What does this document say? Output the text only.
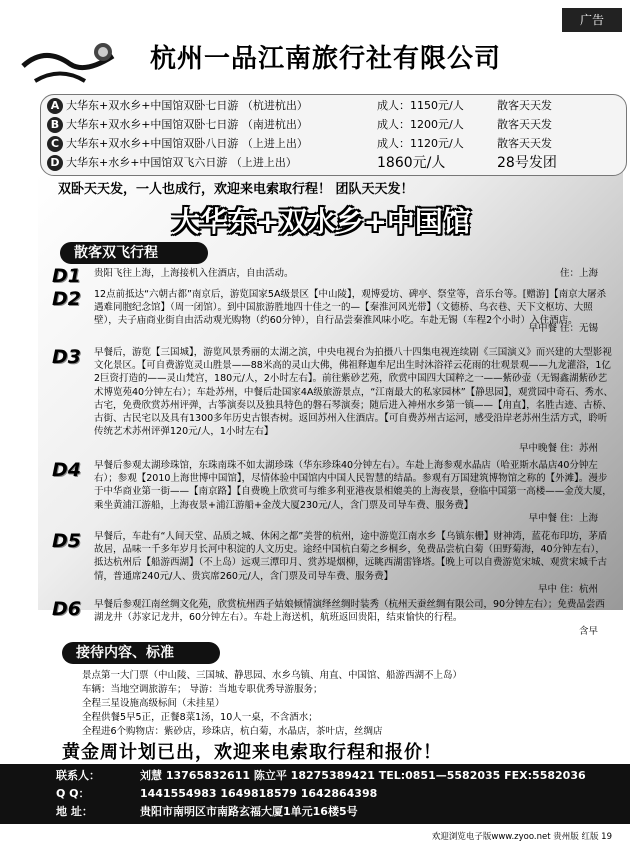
广告
杭州一品江南旅行社有限公司
A 大华东+双水乡+中国馆双卧七日游 （杭进杭出）	成人：1150元/人	散客天天发
B 大华东+双水乡+中国馆双卧七日游 （南进杭出）	成人：1200元/人	散客天天发
C 大华东+双水乡+中国馆双卧八日游 （上进上出）	成人：1120元/人	散客天天发
D 大华东+水乡+中国馆双飞六日游 （上进上出）	1860元/人	28号发团
双卧天天发，一人也成行，欢迎来电索取行程！ 团队天天发！
大华东+双水乡+中国馆
散客双飞行程
D1 贵阳飞往上海，上海接机入住酒店，自由活动。	住：上海
D2 12点前抵达“六朝古都”南京后，游览国家5A级景区【中山陵】，观博爱坊、碑亭、祭堂等，音乐台等。[赠游]【南京大屠杀遇难同胞纪念馆】（周一闭馆）。到中国旅游胜地四十佳之一的—【秦淮河风光带】（文德桥、乌衣巷、天下文枢坊、大照壁），夫子庙商业街自由活动观光购物（约60分钟），自行品尝秦淮风味小吃。车赴无锡（车程2个小时）入住酒店。
早中餐 住：无锡
D3 早餐后，游览【三国城】，游览风景秀丽的太湖之滨，中央电视台为拍摄八十四集电视连续剧《三国演义》而兴建的大型影视文化景区。【可自费游览灵山胜景——88米高的灵山大佛，佛祖释迦牟尼出生时沐浴祥云花雨的壮观景观——九龙灌浴，1亿2巨资打造的——灵山梵宫，180元/人，2小时左右】。前往紫砂艺苑，欣赏中国四大国粹之一——紫砂壶（无锡鑫湖紫砂艺术博览苑40分钟左右）；车赴苏州，中餐后赴国家4A级旅游景点，“江南最大的私家园林”【静思园】，观赏园中奇石、秀水、古宅，免费欣赏苏州评弹，古筝演奏以及独具特色的磐石琴演奏；随后进入神州水乡第一镇——【甪直】，名胜古迹、古桥、古街、古民宅以及具有1300多年历史古银杏树。返回苏州入住酒店。【可自费苏州古运河，感受沿岸老苏州生活方式，聆听传统艺术苏州评弹120元/人，1小时左右】
早中晚餐 住：苏州
D4 早餐后参观太湖珍珠馆，东珠南珠不如太湖珍珠（华东珍珠40分钟左右）。车赴上海参观水晶店（哈亚斯水晶店40分钟左右）；参观【2010上海世博中国馆】，尽情体验中国馆内中国人民智慧的结晶。参观有万国建筑博物馆之称的【外滩】。漫步于中华商业第一街——【南京路】【自费晚上欣赏可与维多利亚港夜景相媲美的上海夜景，登临中国第一高楼——金茂大厦，乘坐黄浦江游船，上海夜景+浦江游船+金茂大厦230元/人，含门票及司导车费、服务费】
早中餐 住：上海
D5 早餐后，车赴有“人间天堂、品质之城、休闲之都”美誉的杭州，途中游览江南水乡【乌镇东栅】财神湾，蓝花布印坊，茅盾故居，品味一千多年岁月长河中积淀的人文历史。途经中国杭白菊之乡桐乡，免费品尝杭白菊（田野菊海，40分钟左右），抵达杭州后【船游西湖】（不上岛）远观三潭印月、赏苏堤烟柳，远眺西湖雷锋塔。【晚上可以自费游览宋城、观赏宋城千古情，普通席240元/人、贵宾席260元/人，含门票及司导车费、服务费】
早中 住：杭州
D6 早餐后参观江南丝绸文化苑，欣赏杭州西子姑娘倾情演绎丝绸时装秀（杭州天蚕丝绸有限公司，90分钟左右）；免费品尝西湖龙井（苏家记龙井，60分钟左右）。车赴上海送机，航班返回贵阳，结束愉快的行程。
含早
接待内容、标准
景点第一大门票（中山陵、三国城、静思园、水乡乌镇、甪直、中国馆、船游西湖不上岛）
车辆：当地空调旅游车； 导游：当地专职优秀导游服务；
全程三星设施高级标间（未挂星）
全程供餐5早5正，正餐8菜1汤，10人一桌，不含酒水；
全程进6个购物店：紫砂店，珍珠店，杭白菊，水晶店，茶叶店，丝绸店
黄金周计划已出，欢迎来电索取行程和报价！
联系人：	刘慧 13765832611 陈立平 18275389421 TEL:0851—5582035 FEX:5582036
Q Q：	1441554983 1649818579 1642864398
地 址：	贵阳市南明区市南路玄福大厦1单元16楼5号
欢迎浏览电子版www.zyoo.net 贵州版 红版 19
